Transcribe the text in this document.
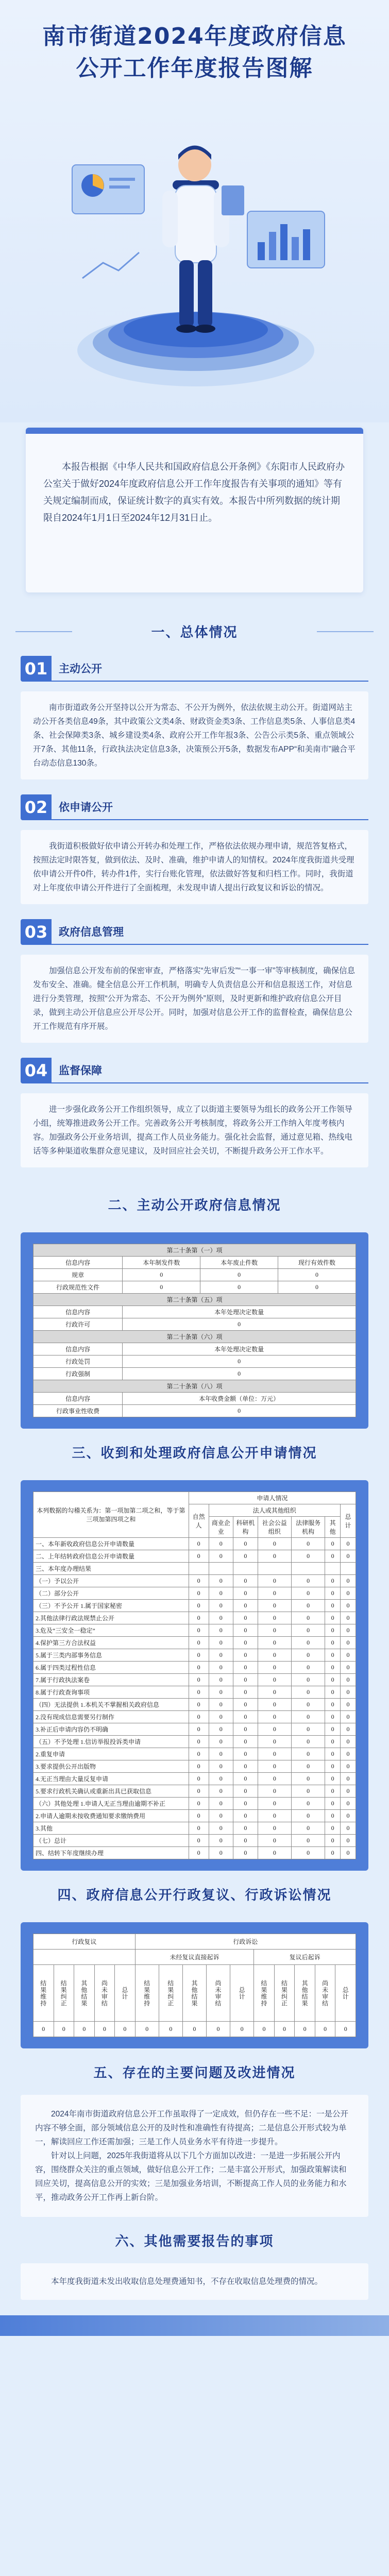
南市街道2024年度政府信息
公开工作年度报告图解

本报告根据《中华人民共和国政府信息公开条例》《东阳市人民政府办公室关于做好2024年度政府信息公开工作年度报告有关事项的通知》等有关规定编制而成，保证统计数字的真实有效。本报告中所列数据的统计期限自2024年1月1日至2024年12月31日止。

一、总体情况
01	主动公开
南市街道政务公开坚持以公开为常态、不公开为例外，依法依规主动公开。街道网站主动公开各类信息49条，其中政策公文类4条、财政资金类3条、工作信息类5条、人事信息类4条、社会保障类3条、城乡建设类4条、政府公开工作年报3条、公告公示类5条、重点领域公开7条、其他11条，行政执法决定信息3条，决策预公开5条，数据发布APP“和美南市”融合平台动态信息130条。
02	依申请公开
我街道积极做好依申请公开转办和处理工作，严格依法依规办理申请，规范答复格式，按照法定时限答复，做到依法、及时、准确，维护申请人的知情权。2024年度我街道共受理依申请公开件0件，转办件1件，实行台账化管理，依法做好答复和归档工作。同时，我街道对上年度依申请公开件进行了全面梳理，未发现申请人提出行政复议和诉讼的情况。
03	政府信息管理
加强信息公开发布前的保密审查，严格落实“先审后发”“一事一审”等审核制度，确保信息发布安全、准确。健全信息公开工作机制，明确专人负责信息公开和信息报送工作，对信息进行分类管理，按照“公开为常态、不公开为例外”原则，及时更新和维护政府信息公开目录，做到主动公开信息应公开尽公开。同时，加强对信息公开工作的监督检查，确保信息公开工作规范有序开展。
04	监督保障
进一步强化政务公开工作组织领导，成立了以街道主要领导为组长的政务公开工作领导小组，统筹推进政务公开工作。完善政务公开考核制度，将政务公开工作纳入年度考核内容。加强政务公开业务培训，提高工作人员业务能力。强化社会监督，通过意见箱、热线电话等多种渠道收集群众意见建议，及时回应社会关切，不断提升政务公开工作水平。
二、主动公开政府信息情况
第二十条第（一）项			
信息内容	本年制发件数	本年废止件数	现行有效件数
规章	0	0	0
行政规范性文件	0	0	0
第二十条第（五）项			
信息内容	本年处理决定数量		
行政许可	0		
第二十条第（六）项			
信息内容	本年处理决定数量		
行政处罚	0		
行政强制	0		
第二十条第（八）项			
信息内容	本年收费金额（单位：万元）		
行政事业性收费	0		
三、收到和处理政府信息公开申请情况
本列数据的勾稽关系为：第一项加第二项之和，等于第三项加第四项之和	申请人情况						
	自然人	法人或其他组织					总计
		商业企业	科研机构	社会公益组织	法律服务机构	其他	
一、本年新收政府信息公开申请数量	0	0	0	0	0	0	0
二、上年结转政府信息公开申请数量	0	0	0	0	0	0	0
三、本年度办理结果							
（一）予以公开	0	0	0	0	0	0	0
（二）部分公开	0	0	0	0	0	0	0
（三）不予公开 1.属于国家秘密	0	0	0	0	0	0	0
2.其他法律行政法规禁止公开	0	0	0	0	0	0	0
3.危及“三安全一稳定”	0	0	0	0	0	0	0
4.保护第三方合法权益	0	0	0	0	0	0	0
5.属于三类内部事务信息	0	0	0	0	0	0	0
6.属于四类过程性信息	0	0	0	0	0	0	0
7.属于行政执法案卷	0	0	0	0	0	0	0
8.属于行政查询事项	0	0	0	0	0	0	0
（四）无法提供 1.本机关不掌握相关政府信息	0	0	0	0	0	0	0
2.没有现成信息需要另行制作	0	0	0	0	0	0	0
3.补正后申请内容仍不明确	0	0	0	0	0	0	0
（五）不予处理 1.信访举报投诉类申请	0	0	0	0	0	0	0
2.重复申请	0	0	0	0	0	0	0
3.要求提供公开出版物	0	0	0	0	0	0	0
4.无正当理由大量反复申请	0	0	0	0	0	0	0
5.要求行政机关确认或重新出具已获取信息	0	0	0	0	0	0	0
（六）其他处理 1.申请人无正当理由逾期不补正	0	0	0	0	0	0	0
2.申请人逾期未按收费通知要求缴纳费用	0	0	0	0	0	0	0
3.其他	0	0	0	0	0	0	0
（七）总计	0	0	0	0	0	0	0
四、结转下年度继续办理	0	0	0	0	0	0	0
四、政府信息公开行政复议、行政诉讼情况
行政复议					行政诉讼									
					未经复议直接起诉					复议后起诉				
结果维持	结果纠正	其他结果	尚未审结	总计	结果维持	结果纠正	其他结果	尚未审结	总计	结果维持	结果纠正	其他结果	尚未审结	总计
0	0	0	0	0	0	0	0	0	0	0	0	0	0	0
五、存在的主要问题及改进情况

2024年南市街道政府信息公开工作虽取得了一定成效，但仍存在一些不足：一是公开内容不够全面，部分领域信息公开的及时性和准确性有待提高；二是信息公开形式较为单一，解读回应工作还需加强；三是工作人员业务水平有待进一步提升。

针对以上问题，2025年我街道将从以下几个方面加以改进：一是进一步拓展公开内容，围绕群众关注的重点领域，做好信息公开工作；二是丰富公开形式，加强政策解读和回应关切，提高信息公开的实效；三是加强业务培训，不断提高工作人员的业务能力和水平，推动政务公开工作再上新台阶。

六、其他需要报告的事项

本年度我街道未发出收取信息处理费通知书，不存在收取信息处理费的情况。
